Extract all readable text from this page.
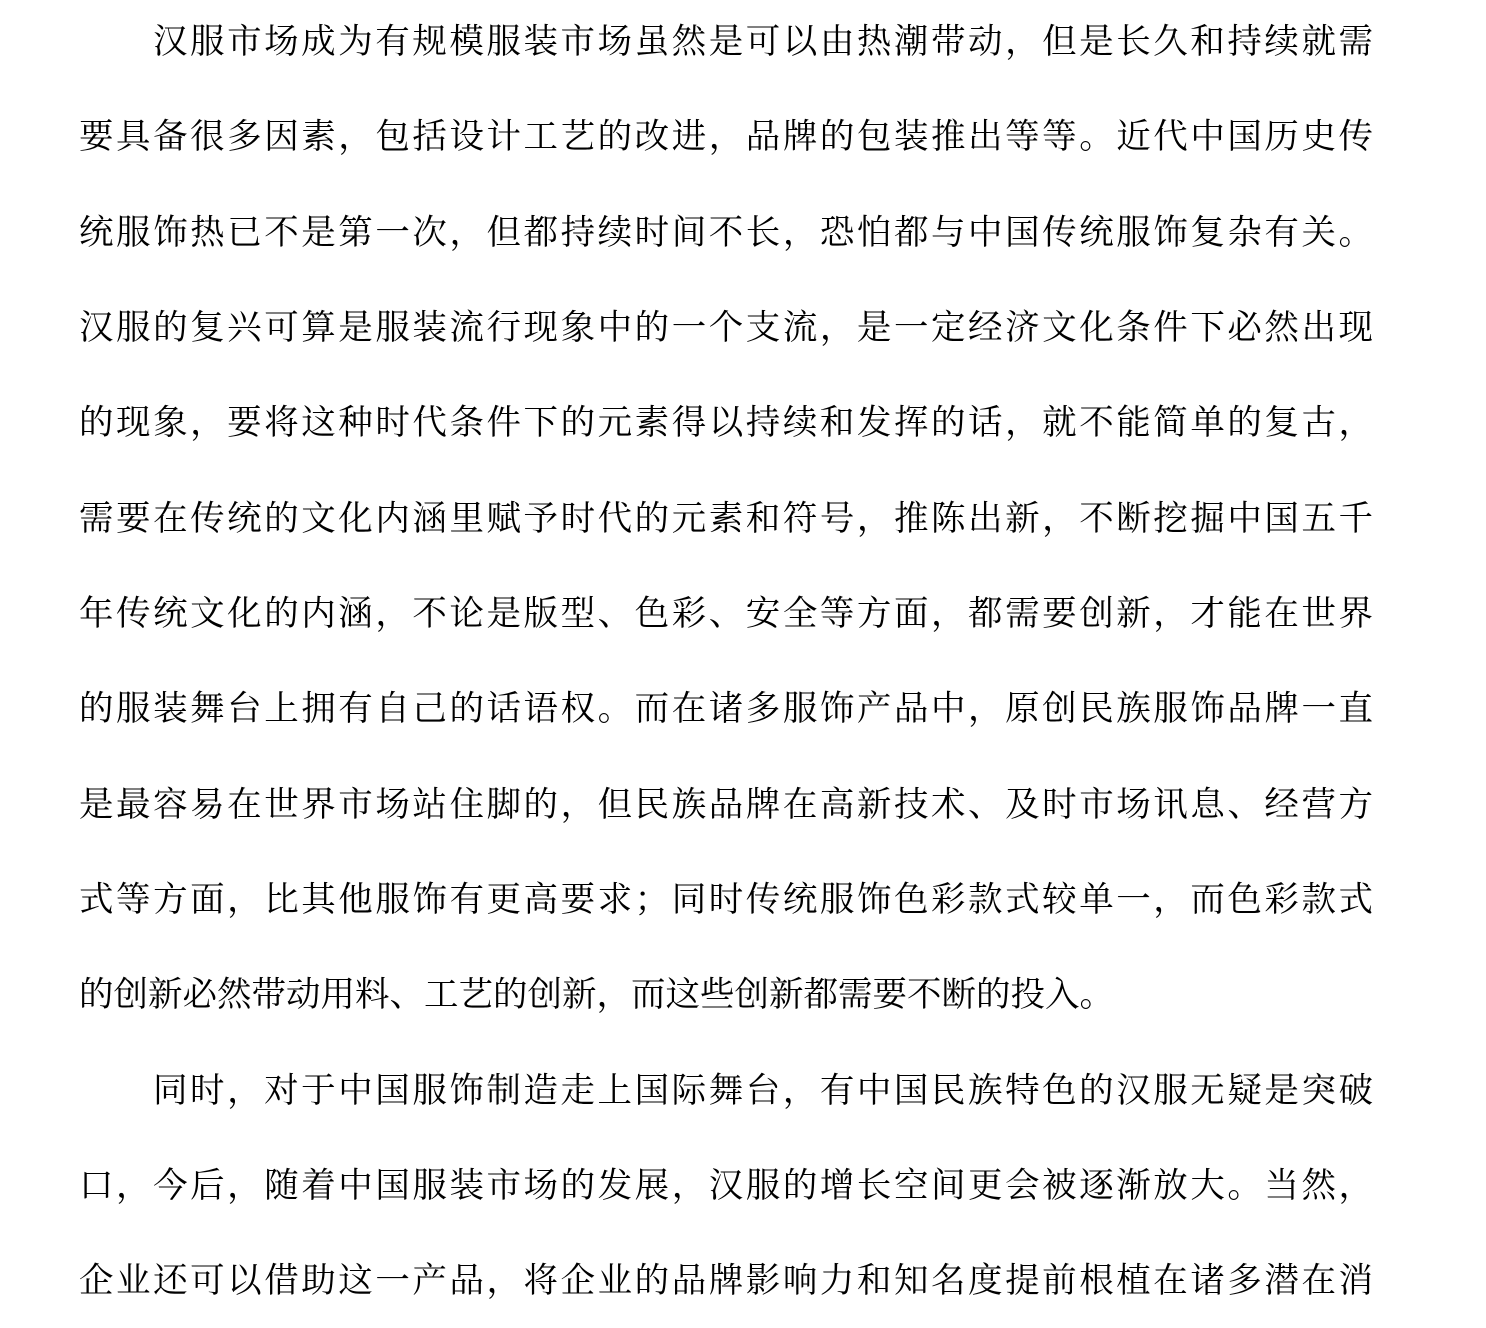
汉服市场成为有规模服装市场虽然是可以由热潮带动，但是长久和持续就需
要具备很多因素，包括设计工艺的改进，品牌的包装推出等等。近代中国历史传
统服饰热已不是第一次，但都持续时间不长，恐怕都与中国传统服饰复杂有关。
汉服的复兴可算是服装流行现象中的一个支流，是一定经济文化条件下必然出现
的现象，要将这种时代条件下的元素得以持续和发挥的话，就不能简单的复古，
需要在传统的文化内涵里赋予时代的元素和符号，推陈出新，不断挖掘中国五千
年传统文化的内涵，不论是版型、色彩、安全等方面，都需要创新，才能在世界
的服装舞台上拥有自己的话语权。而在诸多服饰产品中，原创民族服饰品牌一直
是最容易在世界市场站住脚的，但民族品牌在高新技术、及时市场讯息、经营方
式等方面，比其他服饰有更高要求；同时传统服饰色彩款式较单一，而色彩款式
的创新必然带动用料、工艺的创新，而这些创新都需要不断的投入。
同时，对于中国服饰制造走上国际舞台，有中国民族特色的汉服无疑是突破
口，今后，随着中国服装市场的发展，汉服的增长空间更会被逐渐放大。当然，
企业还可以借助这一产品，将企业的品牌影响力和知名度提前根植在诸多潜在消
